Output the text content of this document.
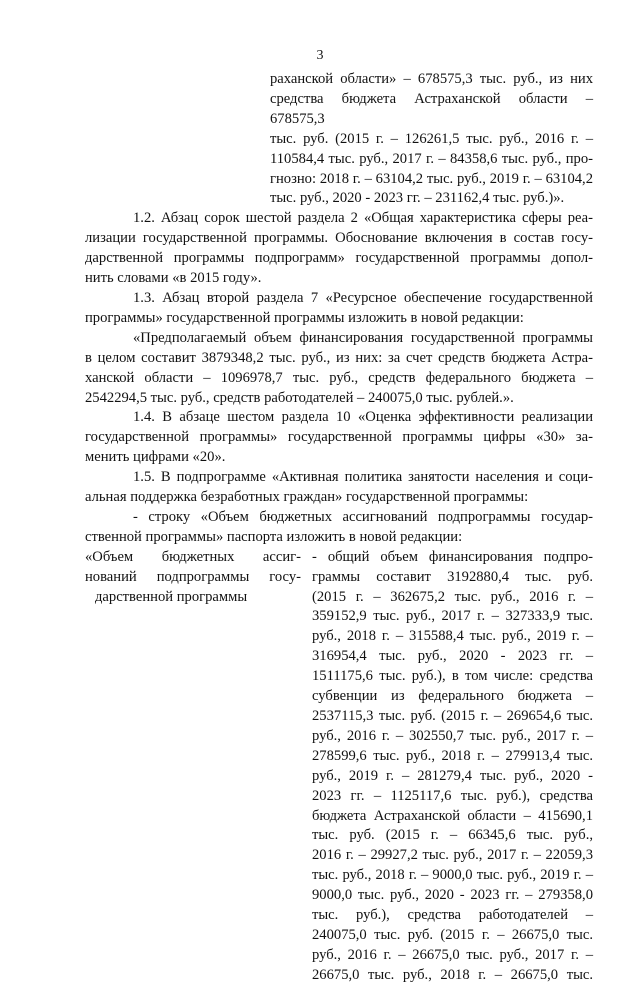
3
раханской области» – 678575,3 тыс. руб., из них
средства бюджета Астраханской области – 678575,3
тыс. руб. (2015 г. – 126261,5 тыс. руб., 2016 г. –
110584,4 тыс. руб., 2017 г. – 84358,6 тыс. руб., про-
гнозно: 2018 г. – 63104,2 тыс. руб., 2019 г. – 63104,2
тыс. руб., 2020 - 2023 гг. – 231162,4 тыс. руб.)».
1.2. Абзац сорок шестой раздела 2 «Общая характеристика сферы реа-
лизации государственной программы. Обоснование включения в состав госу-
дарственной программы подпрограмм» государственной программы допол-
нить словами «в 2015 году».
1.3. Абзац второй раздела 7 «Ресурсное обеспечение государственной
программы» государственной программы изложить в новой редакции:
«Предполагаемый объем финансирования государственной программы
в целом составит 3879348,2 тыс. руб., из них: за счет средств бюджета Астра-
ханской области – 1096978,7 тыс. руб., средств федерального бюджета –
2542294,5 тыс. руб., средств работодателей – 240075,0 тыс. рублей.».
1.4. В абзаце шестом раздела 10 «Оценка эффективности реализации
государственной программы» государственной программы цифры «30» за-
менить цифрами «20».
1.5. В подпрограмме «Активная политика занятости населения и соци-
альная поддержка безработных граждан» государственной программы:
- строку «Объем бюджетных ассигнований подпрограммы государ-
ственной программы» паспорта изложить в новой редакции:
«Объем бюджетных ассиг-
нований подпрограммы госу-
дарственной программы
- общий объем финансирования подпро-
граммы составит 3192880,4 тыс. руб.
(2015 г. – 362675,2 тыс. руб., 2016 г. –
359152,9 тыс. руб., 2017 г. – 327333,9 тыс.
руб., 2018 г. – 315588,4 тыс. руб., 2019 г. –
316954,4 тыс. руб., 2020 - 2023 гг. –
1511175,6 тыс. руб.), в том числе: средства
субвенции из федерального бюджета –
2537115,3 тыс. руб. (2015 г. – 269654,6 тыс.
руб., 2016 г. – 302550,7 тыс. руб., 2017 г. –
278599,6 тыс. руб., 2018 г. – 279913,4 тыс.
руб., 2019 г. – 281279,4 тыс. руб., 2020 -
2023 гг. – 1125117,6 тыс. руб.), средства
бюджета Астраханской области – 415690,1
тыс. руб. (2015 г. – 66345,6 тыс. руб.,
2016 г. – 29927,2 тыс. руб., 2017 г. – 22059,3
тыс. руб., 2018 г. – 9000,0 тыс. руб., 2019 г. –
9000,0 тыс. руб., 2020 - 2023 гг. – 279358,0
тыс. руб.), средства работодателей –
240075,0 тыс. руб. (2015 г. – 26675,0 тыс.
руб., 2016 г. – 26675,0 тыс. руб., 2017 г. –
26675,0 тыс. руб., 2018 г. – 26675,0 тыс.
